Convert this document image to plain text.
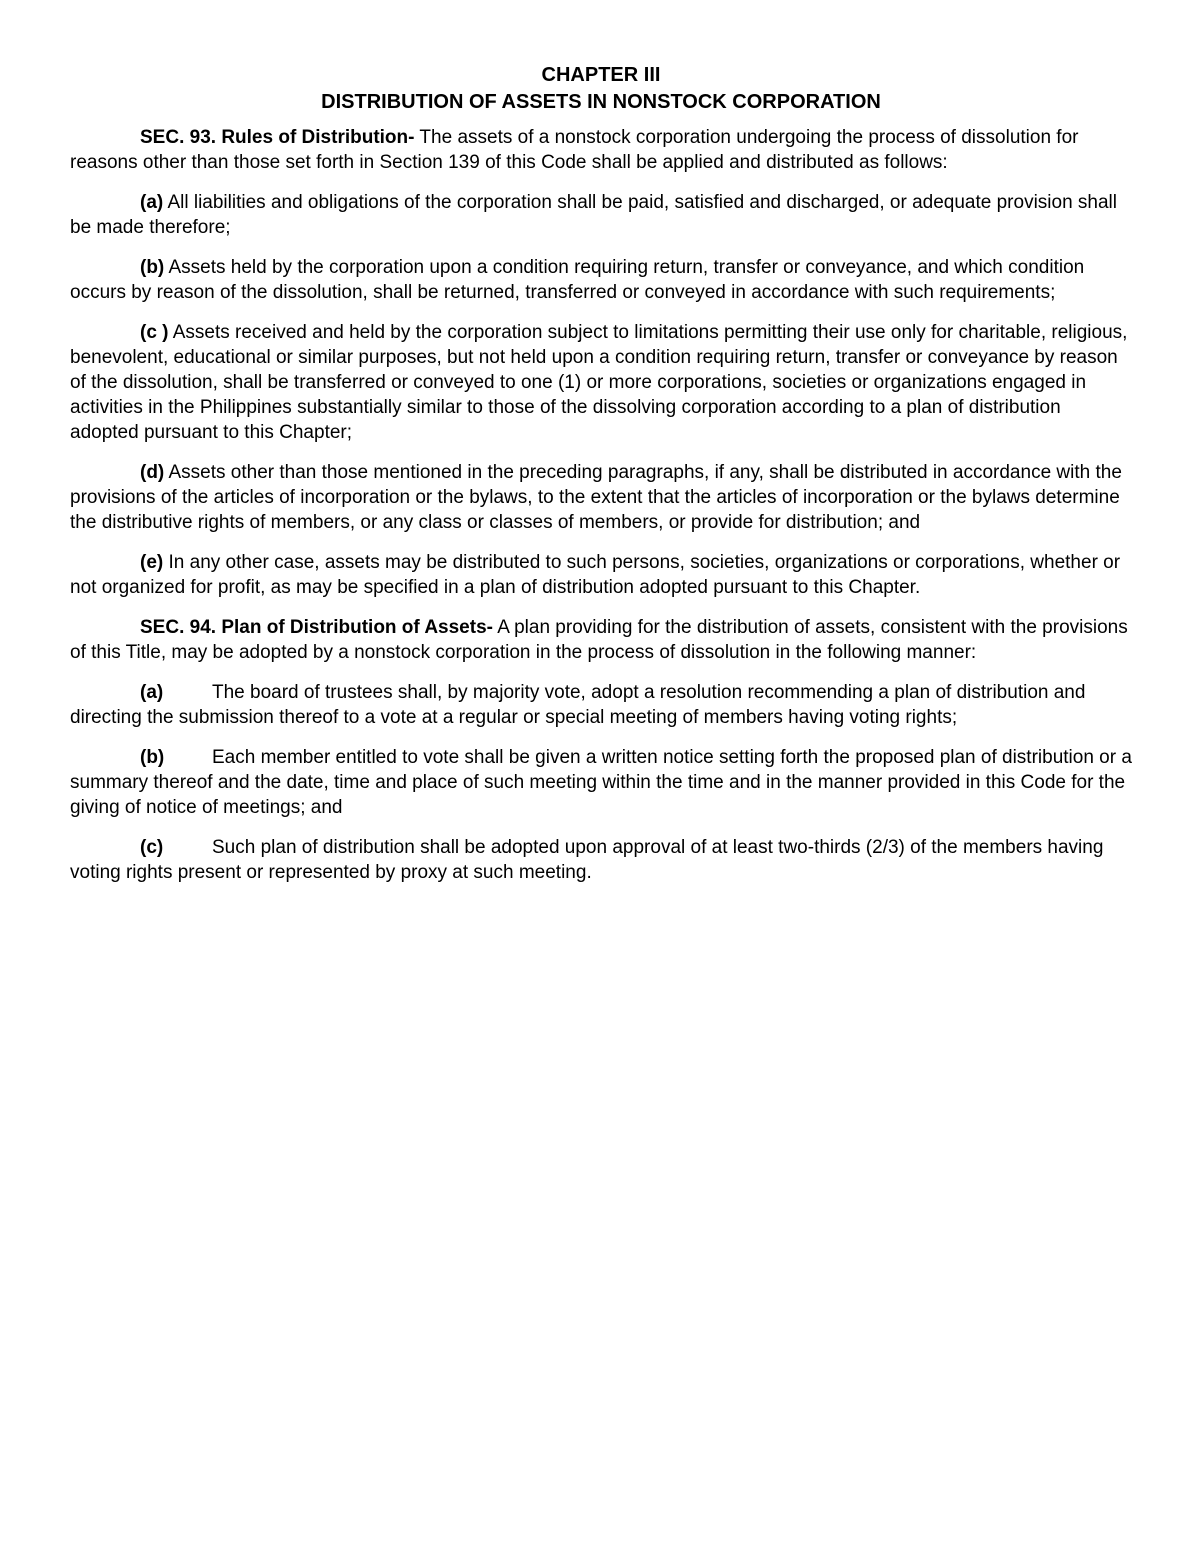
CHAPTER III

DISTRIBUTION OF ASSETS IN NONSTOCK CORPORATION

SEC. 93. Rules of Distribution- The assets of a nonstock corporation undergoing the process of dissolution for reasons other than those set forth in Section 139 of this Code shall be applied and distributed as follows:

(a) All liabilities and obligations of the corporation shall be paid, satisfied and discharged, or adequate provision shall be made therefore;

(b) Assets held by the corporation upon a condition requiring return, transfer or conveyance, and which condition occurs by reason of the dissolution, shall be returned, transferred or conveyed in accordance with such requirements;

(c ) Assets received and held by the corporation subject to limitations permitting their use only for charitable, religious, benevolent, educational or similar purposes, but not held upon a condition requiring return, transfer or conveyance by reason of the dissolution, shall be transferred or conveyed to one (1) or more corporations, societies or organizations engaged in activities in the Philippines substantially similar to those of the dissolving corporation according to a plan of distribution adopted pursuant to this Chapter;

(d) Assets other than those mentioned in the preceding paragraphs, if any, shall be distributed in accordance with the provisions of the articles of incorporation or the bylaws, to the extent that the articles of incorporation or the bylaws determine the distributive rights of members, or any class or classes of members, or provide for distribution; and

(e) In any other case, assets may be distributed to such persons, societies, organizations or corporations, whether or not organized for profit, as may be specified in a plan of distribution adopted pursuant to this Chapter.

SEC. 94. Plan of Distribution of Assets- A plan providing for the distribution of assets, consistent with the provisions of this Title, may be adopted by a nonstock corporation in the process of dissolution in the following manner:

(a)	The board of trustees shall, by majority vote, adopt a resolution recommending a plan of distribution and directing the submission thereof to a vote at a regular or special meeting of members having voting rights;

(b)	Each member entitled to vote shall be given a written notice setting forth the proposed plan of distribution or a summary thereof and the date, time and place of such meeting within the time and in the manner provided in this Code for the giving of notice of meetings; and

(c)	Such plan of distribution shall be adopted upon approval of at least two-thirds (2/3) of the members having voting rights present or represented by proxy at such meeting.
